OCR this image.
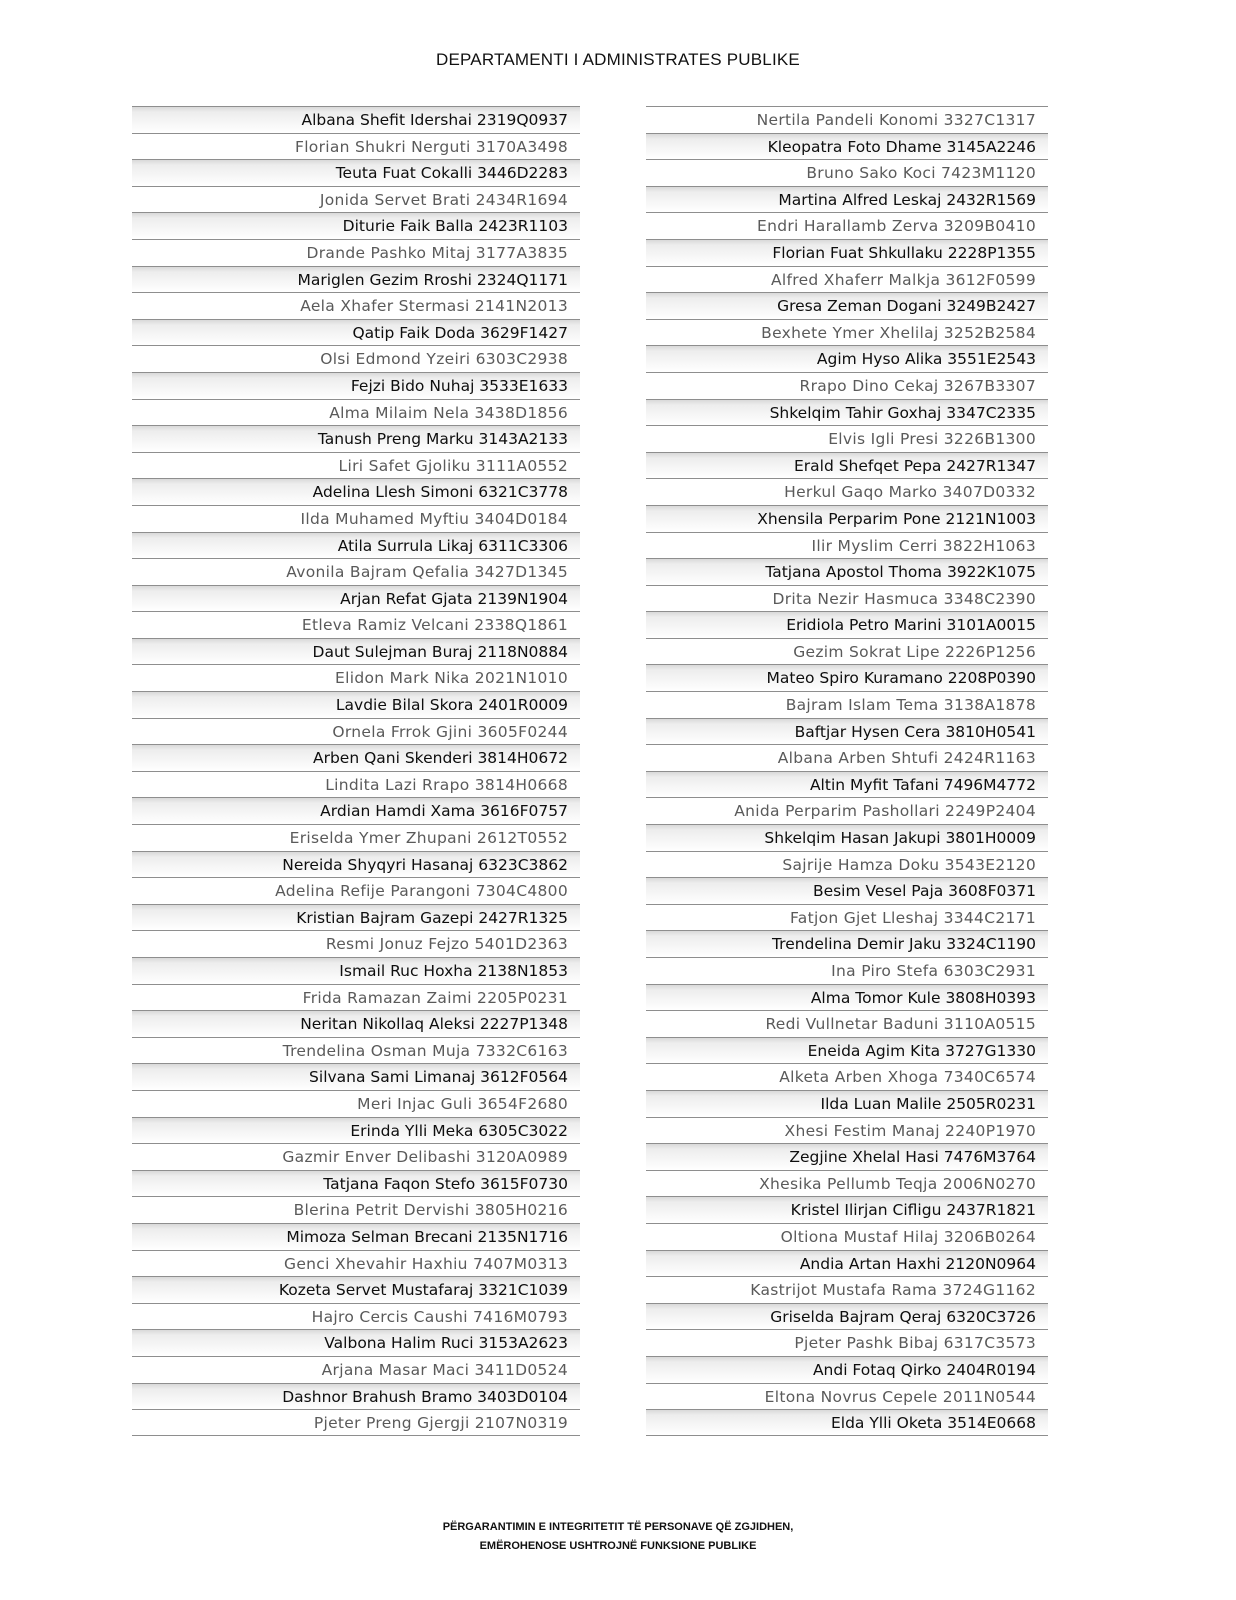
DEPARTAMENTI I ADMINISTRATES PUBLIKE
Albana Shefit Idershai 2319Q0937
Florian Shukri Nerguti 3170A3498
Teuta Fuat Cokalli 3446D2283
Jonida Servet Brati 2434R1694
Diturie Faik Balla 2423R1103
Drande Pashko Mitaj 3177A3835
Mariglen Gezim Rroshi 2324Q1171
Aela Xhafer Stermasi 2141N2013
Qatip Faik Doda 3629F1427
Olsi Edmond Yzeiri 6303C2938
Fejzi Bido Nuhaj 3533E1633
Alma Milaim Nela 3438D1856
Tanush Preng Marku 3143A2133
Liri Safet Gjoliku 3111A0552
Adelina Llesh Simoni 6321C3778
Ilda Muhamed Myftiu 3404D0184
Atila Surrula Likaj 6311C3306
Avonila Bajram Qefalia 3427D1345
Arjan Refat Gjata 2139N1904
Etleva Ramiz Velcani 2338Q1861
Daut Sulejman Buraj 2118N0884
Elidon Mark Nika 2021N1010
Lavdie Bilal Skora 2401R0009
Ornela Frrok Gjini 3605F0244
Arben Qani Skenderi 3814H0672
Lindita Lazi Rrapo 3814H0668
Ardian Hamdi Xama 3616F0757
Eriselda Ymer Zhupani 2612T0552
Nereida Shyqyri Hasanaj 6323C3862
Adelina Refije Parangoni 7304C4800
Kristian Bajram Gazepi 2427R1325
Resmi Jonuz Fejzo 5401D2363
Ismail Ruc Hoxha 2138N1853
Frida Ramazan Zaimi 2205P0231
Neritan Nikollaq Aleksi 2227P1348
Trendelina Osman Muja 7332C6163
Silvana Sami Limanaj 3612F0564
Meri Injac Guli 3654F2680
Erinda Ylli Meka 6305C3022
Gazmir Enver Delibashi 3120A0989
Tatjana Faqon Stefo 3615F0730
Blerina Petrit Dervishi 3805H0216
Mimoza Selman Brecani 2135N1716
Genci Xhevahir Haxhiu 7407M0313
Kozeta Servet Mustafaraj 3321C1039
Hajro Cercis Caushi 7416M0793
Valbona Halim Ruci 3153A2623
Arjana Masar Maci 3411D0524
Dashnor Brahush Bramo 3403D0104
Pjeter Preng Gjergji 2107N0319
Nertila Pandeli Konomi 3327C1317
Kleopatra Foto Dhame 3145A2246
Bruno Sako Koci 7423M1120
Martina Alfred Leskaj 2432R1569
Endri Harallamb Zerva 3209B0410
Florian Fuat Shkullaku 2228P1355
Alfred Xhaferr Malkja 3612F0599
Gresa Zeman Dogani 3249B2427
Bexhete Ymer Xhelilaj 3252B2584
Agim Hyso Alika 3551E2543
Rrapo Dino Cekaj 3267B3307
Shkelqim Tahir Goxhaj 3347C2335
Elvis Igli Presi 3226B1300
Erald Shefqet Pepa 2427R1347
Herkul Gaqo Marko 3407D0332
Xhensila Perparim Pone 2121N1003
Ilir Myslim Cerri 3822H1063
Tatjana Apostol Thoma 3922K1075
Drita Nezir Hasmuca 3348C2390
Eridiola Petro Marini 3101A0015
Gezim Sokrat Lipe 2226P1256
Mateo Spiro Kuramano 2208P0390
Bajram Islam Tema 3138A1878
Baftjar Hysen Cera 3810H0541
Albana Arben Shtufi 2424R1163
Altin Myfit Tafani 7496M4772
Anida Perparim Pashollari 2249P2404
Shkelqim Hasan Jakupi 3801H0009
Sajrije Hamza Doku 3543E2120
Besim Vesel Paja 3608F0371
Fatjon Gjet Lleshaj 3344C2171
Trendelina Demir Jaku 3324C1190
Ina Piro Stefa 6303C2931
Alma Tomor Kule 3808H0393
Redi Vullnetar Baduni 3110A0515
Eneida Agim Kita 3727G1330
Alketa Arben Xhoga 7340C6574
Ilda Luan Malile 2505R0231
Xhesi Festim Manaj 2240P1970
Zegjine Xhelal Hasi 7476M3764
Xhesika Pellumb Teqja 2006N0270
Kristel Ilirjan Cifligu 2437R1821
Oltiona Mustaf Hilaj 3206B0264
Andia Artan Haxhi 2120N0964
Kastrijot Mustafa Rama 3724G1162
Griselda Bajram Qeraj 6320C3726
Pjeter Pashk Bibaj 6317C3573
Andi Fotaq Qirko 2404R0194
Eltona Novrus Cepele 2011N0544
Elda Ylli Oketa 3514E0668
PËRGARANTIMIN E INTEGRITETIT TË PERSONAVE QË ZGJIDHEN,
EMËROHENOSE USHTROJNË FUNKSIONE PUBLIKE
